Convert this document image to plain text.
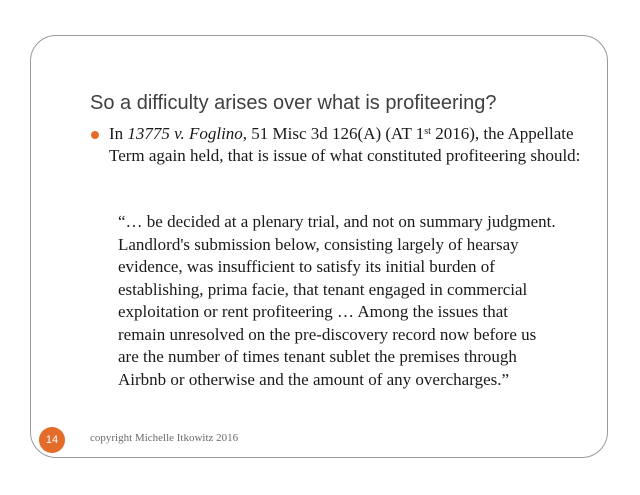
So a difficulty arises over what is profiteering?
In 13775 v. Foglino, 51 Misc 3d 126(A) (AT 1st 2016), the Appellate Term again held, that is issue of what constituted profiteering should:
“… be decided at a plenary trial, and not on summary judgment.
Landlord's submission below, consisting largely of hearsay
evidence, was insufficient to satisfy its initial burden of
establishing, prima facie, that tenant engaged in commercial
exploitation or rent profiteering … Among the issues that
remain unresolved on the pre-discovery record now before us
are the number of times tenant sublet the premises through
Airbnb or otherwise and the amount of any overcharges.”
14	copyright Michelle Itkowitz 2016
